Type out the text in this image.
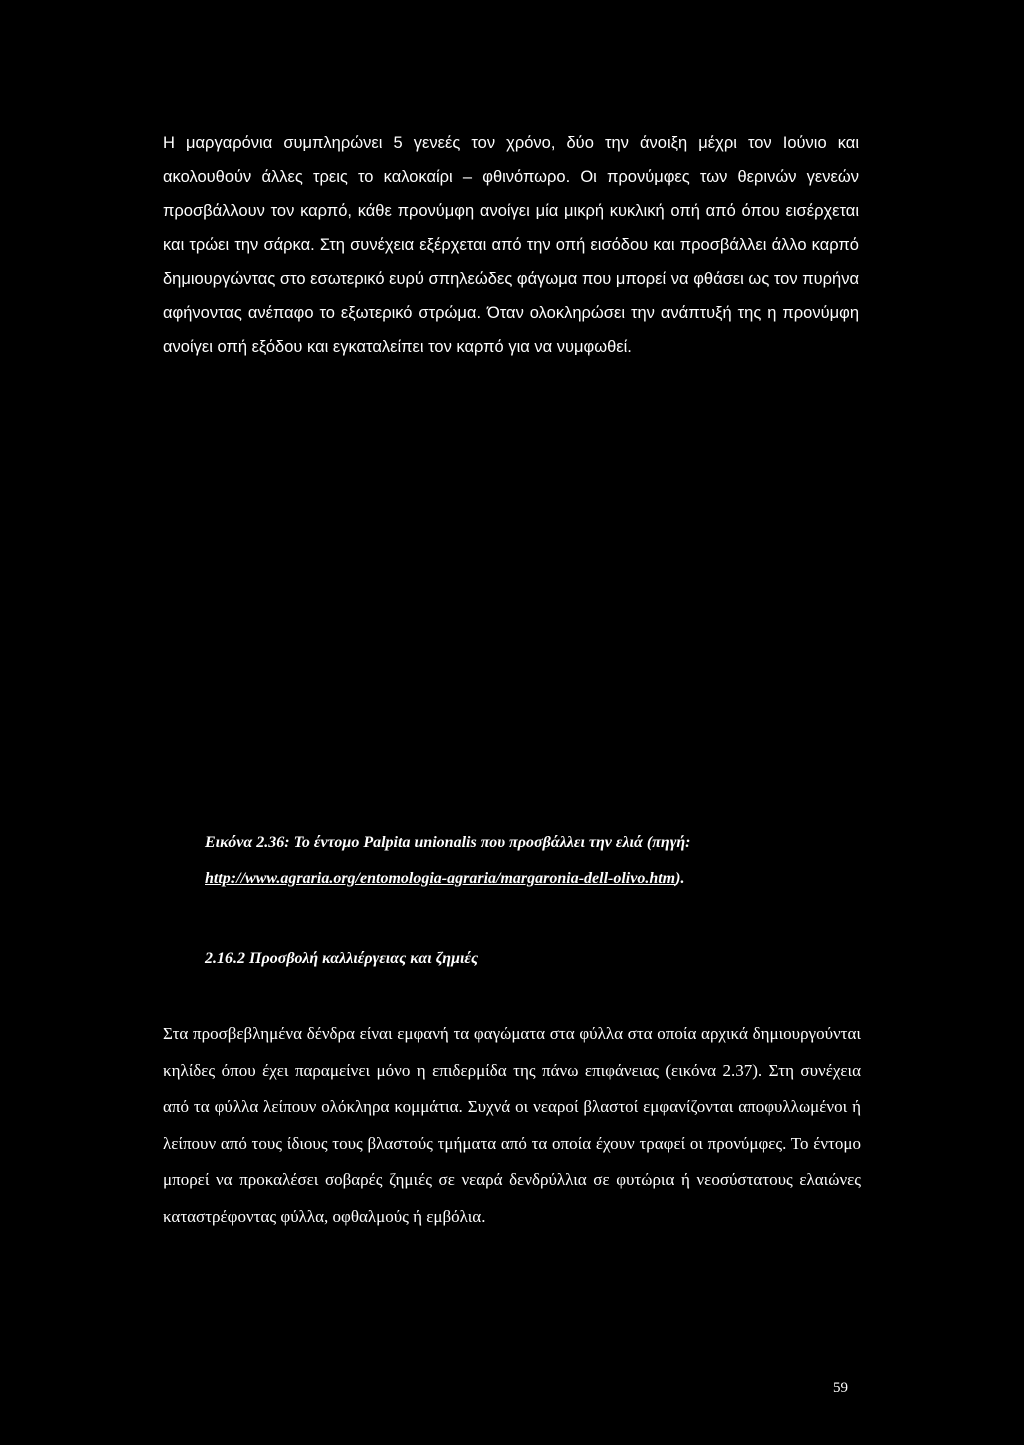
Η μαργαρόνια συμπληρώνει 5 γενεές τον χρόνο, δύο την άνοιξη μέχρι τον Ιούνιο και ακολουθούν άλλες τρεις το καλοκαίρι – φθινόπωρο. Οι προνύμφες των θερινών γενεών προσβάλλουν τον καρπό, κάθε προνύμφη ανοίγει μία μικρή κυκλική οπή από όπου εισέρχεται και τρώει την σάρκα. Στη συνέχεια εξέρχεται από την οπή εισόδου και προσβάλλει άλλο καρπό δημιουργώντας στο εσωτερικό ευρύ σπηλεώδες φάγωμα που μπορεί να φθάσει ως τον πυρήνα αφήνοντας ανέπαφο το εξωτερικό στρώμα. Όταν ολοκληρώσει την ανάπτυξή της η προνύμφη ανοίγει οπή εξόδου και εγκαταλείπει τον καρπό για να νυμφωθεί.

Εικόνα 2.36: Το έντομο Palpita unionalis που προσβάλλει την ελιά (πηγή:
http://www.agraria.org/entomologia-agraria/margaronia-dell-olivo.htm).
2.16.2 Προσβολή καλλιέργειας και ζημιές

Στα προσβεβλημένα δένδρα είναι εμφανή τα φαγώματα στα φύλλα στα οποία αρχικά δημιουργούνται κηλίδες όπου έχει παραμείνει μόνο η επιδερμίδα της πάνω επιφάνειας (εικόνα 2.37). Στη συνέχεια από τα φύλλα λείπουν ολόκληρα κομμάτια. Συχνά οι νεαροί βλαστοί εμφανίζονται αποφυλλωμένοι ή λείπουν από τους ίδιους τους βλαστούς τμήματα από τα οποία έχουν τραφεί οι προνύμφες. Το έντομο μπορεί να προκαλέσει σοβαρές ζημιές σε νεαρά δενδρύλλια σε φυτώρια ή νεοσύστατους ελαιώνες καταστρέφοντας φύλλα, οφθαλμούς ή εμβόλια.

59
